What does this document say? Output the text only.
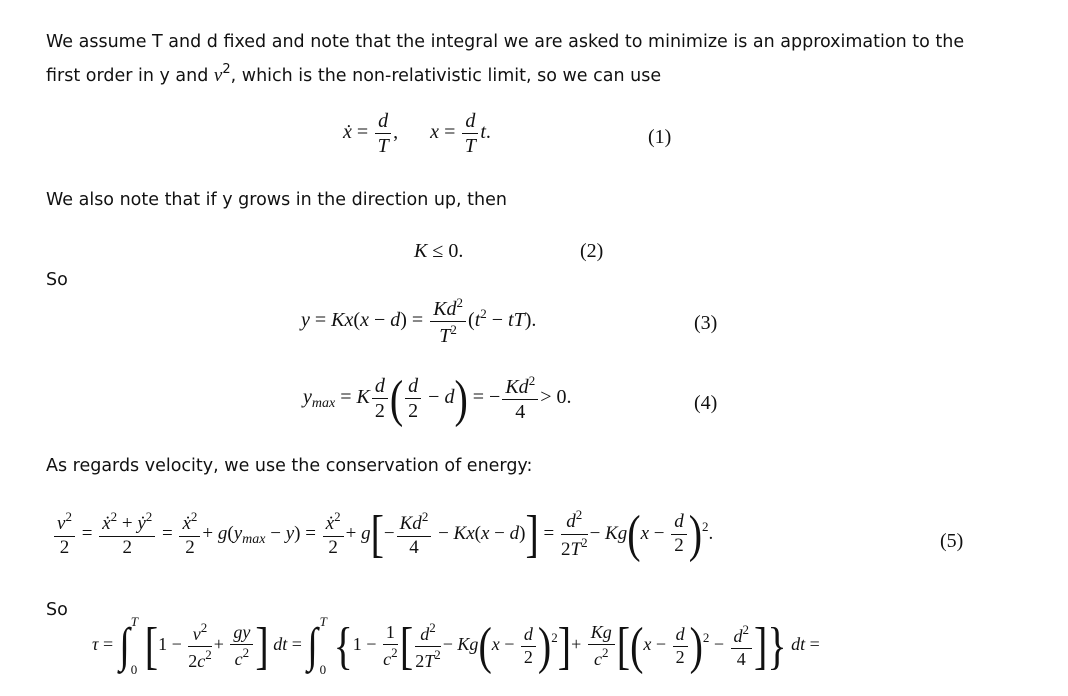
We assume T and d fixed and note that the integral we are asked to minimize is an approximation to the
first order in y and $v^2$, which is the non-relativistic limit, so we can use
ẋ = $\frac{d}{T}$ ,  $x = \frac{d}{T} t$.	(1)
We also note that if y grows in the direction up, then
K ≤ 0.	(2)
So
$y = Kx(x - d) = \frac{Kd^2}{T^2} (t^2 - tT)$.	(3)
$y_{max} = K \frac{d}{2}$ ( $\frac{d}{2} - d$) = − $\frac{Kd^2}{4} > 0$.	(4)
As regards velocity, we use the conservation of energy:
$\frac{v^2}{2} = \frac{ẋ^2 + ẏ^2}{2} = \frac{ẋ^2}{2} + g(y_{max} - y) = \frac{ẋ^2}{2} + g[- \frac{Kd^2}{4} - Kx(x - d)] = \frac{d^2}{2T^2} - Kg(x - \frac{d}{2} )^2$.	(5)
So
τ = ∫ T
0 [$1 - \frac{v^2}{2c^2} + \frac{gy}{c^2}$ ] dt = ∫ T
0 {$1 - \frac{1}{c^2}$ [ $\frac{d^2}{2T^2} - Kg(x - \frac{d}{2} )^2]+ \frac{Kg}{c^2} [(x - \frac{d}{2} )^2 - \frac{d^2}{4}$ ]} dt =
